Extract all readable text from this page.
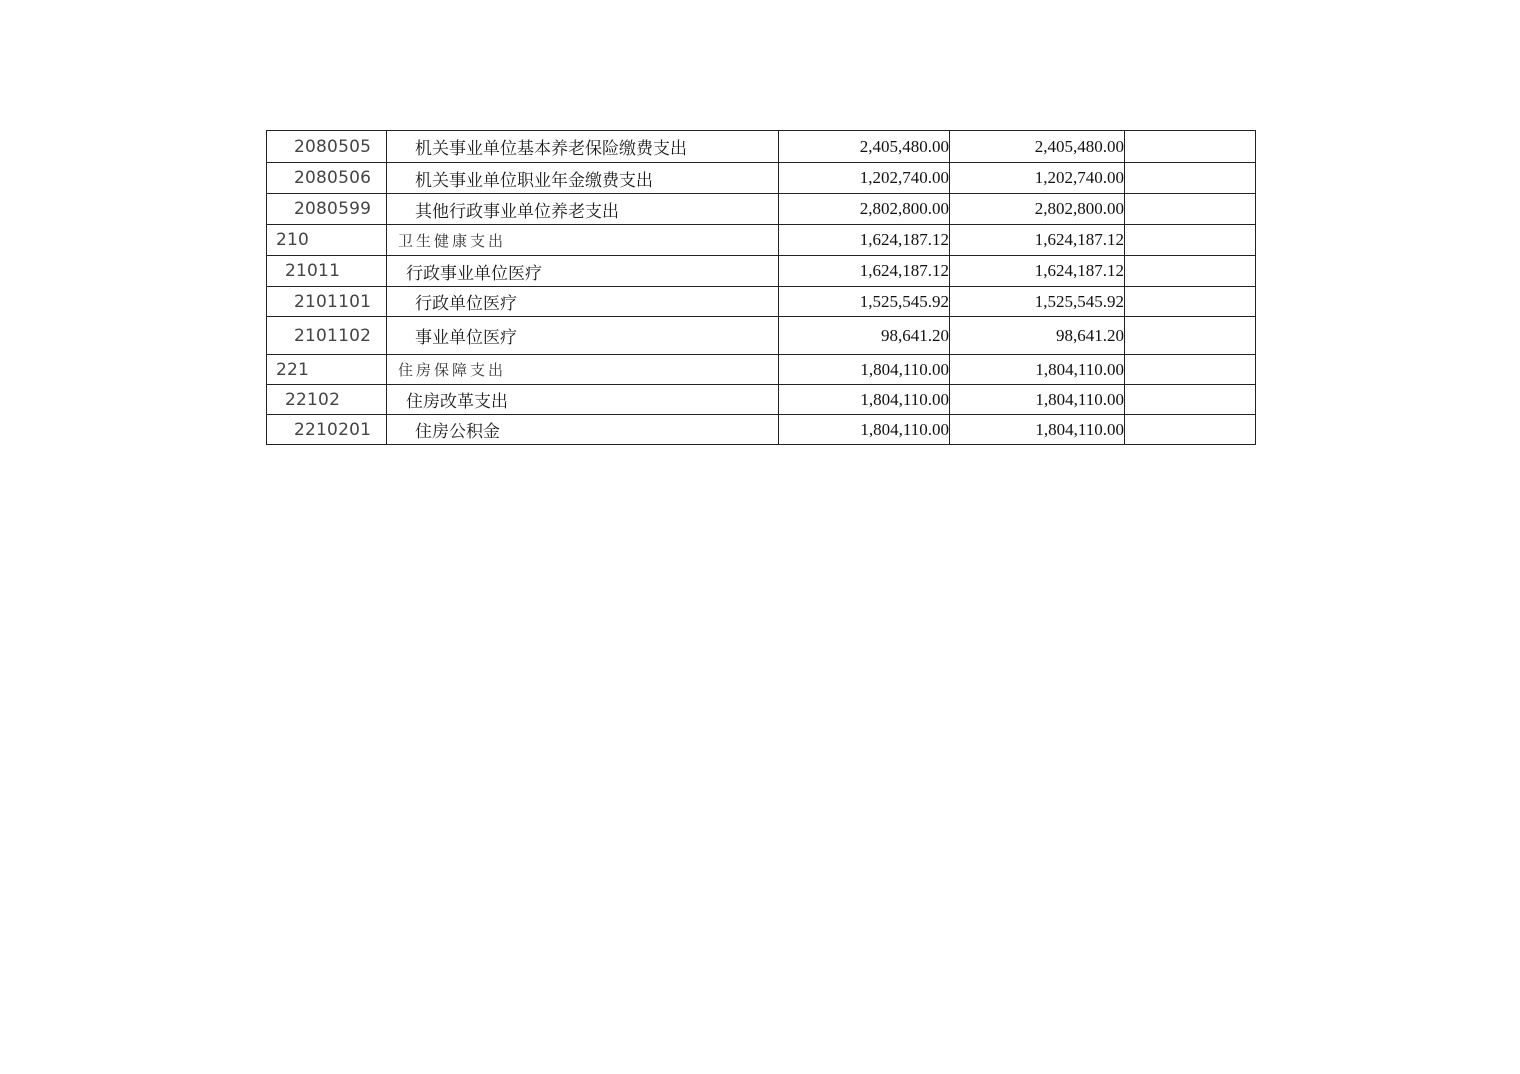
2080505	机关事业单位基本养老保险缴费支出	2,405,480.00	2,405,480.00	
2080506	机关事业单位职业年金缴费支出	1,202,740.00	1,202,740.00	
2080599	其他行政事业单位养老支出	2,802,800.00	2,802,800.00	
210	卫生健康支出	1,624,187.12	1,624,187.12	
21011	行政事业单位医疗	1,624,187.12	1,624,187.12	
2101101	行政单位医疗	1,525,545.92	1,525,545.92	
2101102	事业单位医疗	98,641.20	98,641.20	
221	住房保障支出	1,804,110.00	1,804,110.00	
22102	住房改革支出	1,804,110.00	1,804,110.00	
2210201	住房公积金	1,804,110.00	1,804,110.00	
